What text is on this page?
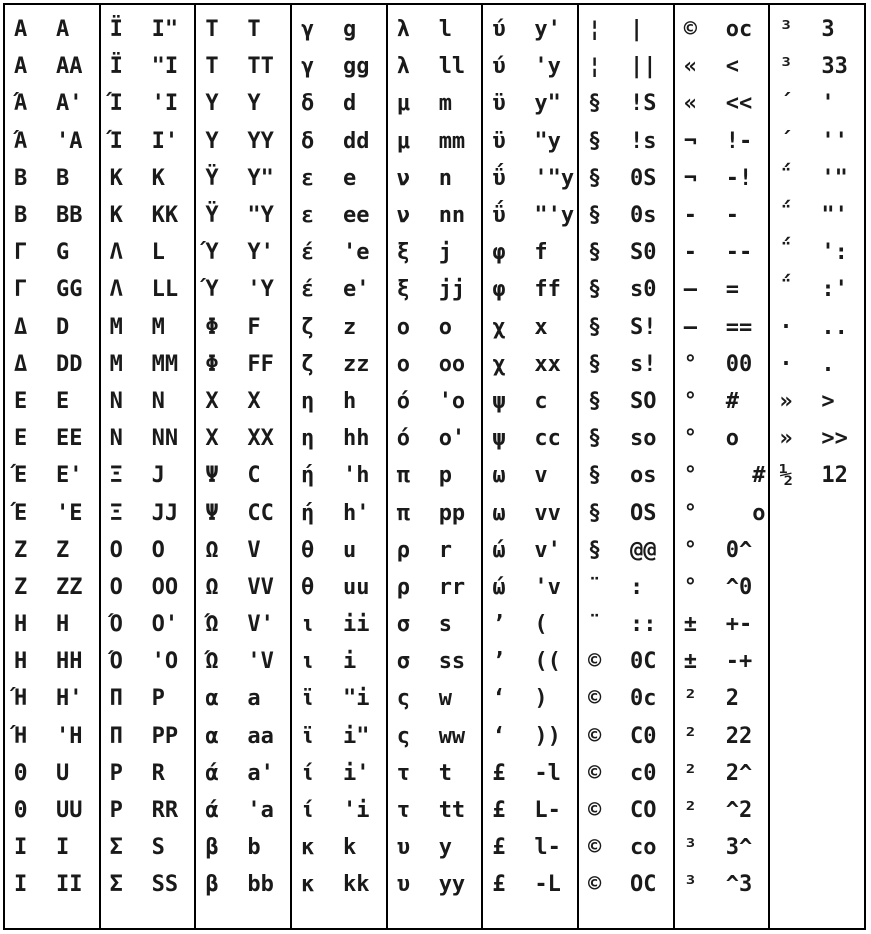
A	A
A	AA
Ά	A'
Ά	'A
B	B
B	BB
Γ	G
Γ	GG
Δ	D
Δ	DD
E	E
E	EE
Έ	E'
Έ	'E
Z	Z
Z	ZZ
H	H
H	HH
Ή	H'
Ή	'H
Θ	U
Θ	UU
I	I
I	II
Ϊ	I"
Ϊ	"I
Ί	'I
Ί	I'
K	K
K	KK
Λ	L
Λ	LL
M	M
M	MM
N	N
N	NN
Ξ	J
Ξ	JJ
O	O
O	OO
Ό	O'
Ό	'O
Π	P
Π	PP
P	R
P	RR
Σ	S
Σ	SS
T	T
T	TT
Y	Y
Y	YY
Ϋ	Y"
Ϋ	"Y
Ύ	Y'
Ύ	'Y
Φ	F
Φ	FF
X	X
X	XX
Ψ	C
Ψ	CC
Ω	V
Ω	VV
Ώ	V'
Ώ	'V
α	a
α	aa
ά	a'
ά	'a
β	b
β	bb
γ	g
γ	gg
δ	d
δ	dd
ε	e
ε	ee
έ	'e
έ	e'
ζ	z
ζ	zz
η	h
η	hh
ή	'h
ή	h'
θ	u
θ	uu
ι	ii
ι	i
ϊ	"i
ϊ	i"
ί	i'
ί	'i
κ	k
κ	kk
λ	l
λ	ll
μ	m
μ	mm
ν	n
ν	nn
ξ	j
ξ	jj
ο	o
ο	oo
ό	'o
ό	o'
π	p
π	pp
ρ	r
ρ	rr
σ	s
σ	ss
ς	w
ς	ww
τ	t
τ	tt
υ	y
υ	yy
ύ	y'
ύ	'y
ϋ	y"
ϋ	"y
ΰ	'"y
ΰ	"'y
φ	f
φ	ff
χ	x
χ	xx
ψ	c
ψ	cc
ω	v
ω	vv
ώ	v'
ώ	'v
’	(
’	((
‘	)
‘	))
£	-l
£	L-
£	l-
£	-L
¦	|
¦	||
§	!S
§	!s
§	0S
§	0s
§	S0
§	s0
§	S!
§	s!
§	SO
§	so
§	os
§	OS
§	@@
¨	:
¨	::
©	0C
©	0c
©	C0
©	c0
©	CO
©	co
©	OC
©	oc
«	<
«	<<
¬	!-
¬	-!
-	-
-	--
―	=
―	==
°	00
°	#
°	o
°	#
°	o
°	0^
°	^0
±	+-
±	-+
²	2
²	22
²	2^
²	^2
³	3^
³	^3
³	3
³	33
΄	'
΄	''
΅	'"
΅	"'
΅	':
΅	:'
·	..
·	.
»	>
»	>>
½	12
